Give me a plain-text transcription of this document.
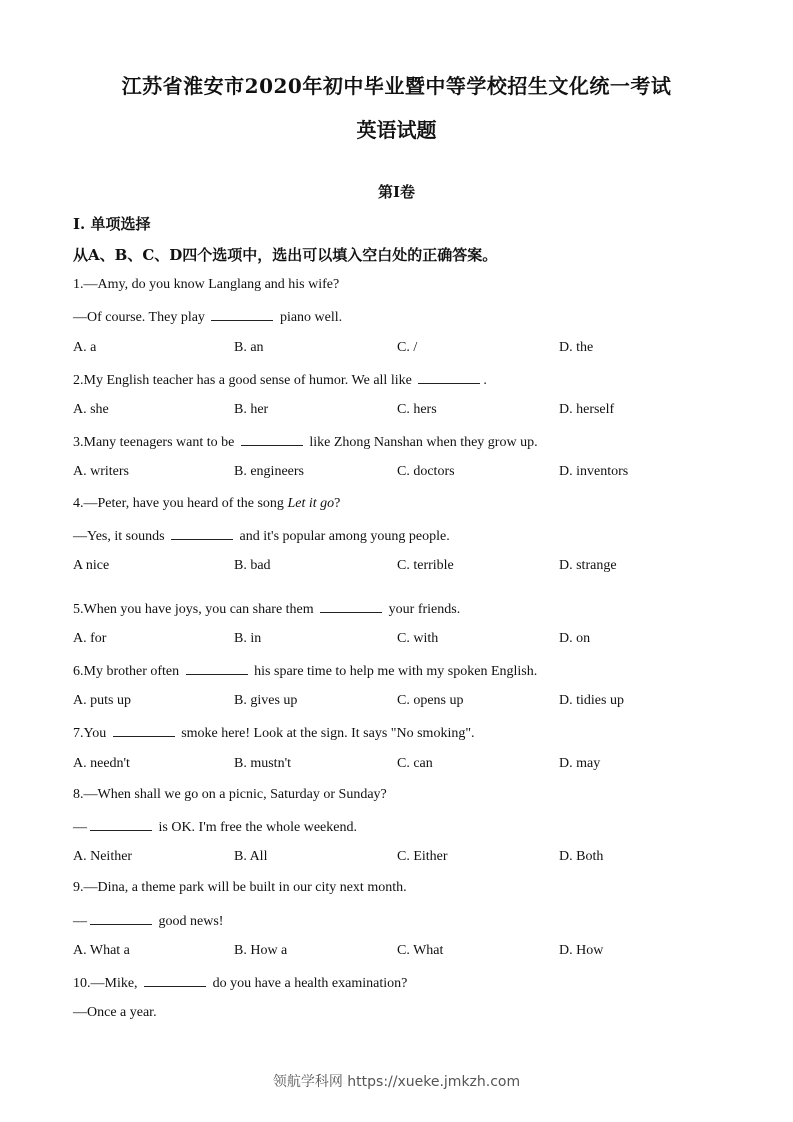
江苏省淮安市2020年初中毕业暨中等学校招生文化统一考试
英语试题
第I卷
I. 单项选择
从A、B、C、D四个选项中，选出可以填入空白处的正确答案。
1.—Amy, do you know Langlang and his wife?
—Of course. They play	piano well.
A. a	B. an	C. /	D. the
2.My English teacher has a good sense of humor. We all like	.
A. she	B. her	C. hers	D. herself
3.Many teenagers want to be	like Zhong Nanshan when they grow up.
A. writers	B. engineers	C. doctors	D. inventors
4.—Peter, have you heard of the song Let it go?
—Yes, it sounds	and it's popular among young people.
A nice	B. bad	C. terrible	D. strange
5.When you have joys, you can share them	your friends.
A. for	B. in	C. with	D. on
6.My brother often	his spare time to help me with my spoken English.
A. puts up	B. gives up	C. opens up	D. tidies up
7.You	smoke here! Look at the sign. It says "No smoking".
A. needn't	B. mustn't	C. can	D. may
8.—When shall we go on a picnic, Saturday or Sunday?
—	is OK. I'm free the whole weekend.
A. Neither	B. All	C. Either	D. Both
9.—Dina, a theme park will be built in our city next month.
—	good news!
A. What a	B. How a	C. What	D. How
10.—Mike,	do you have a health examination?
—Once a year.
领航学科网 https://xueke.jmkzh.com
